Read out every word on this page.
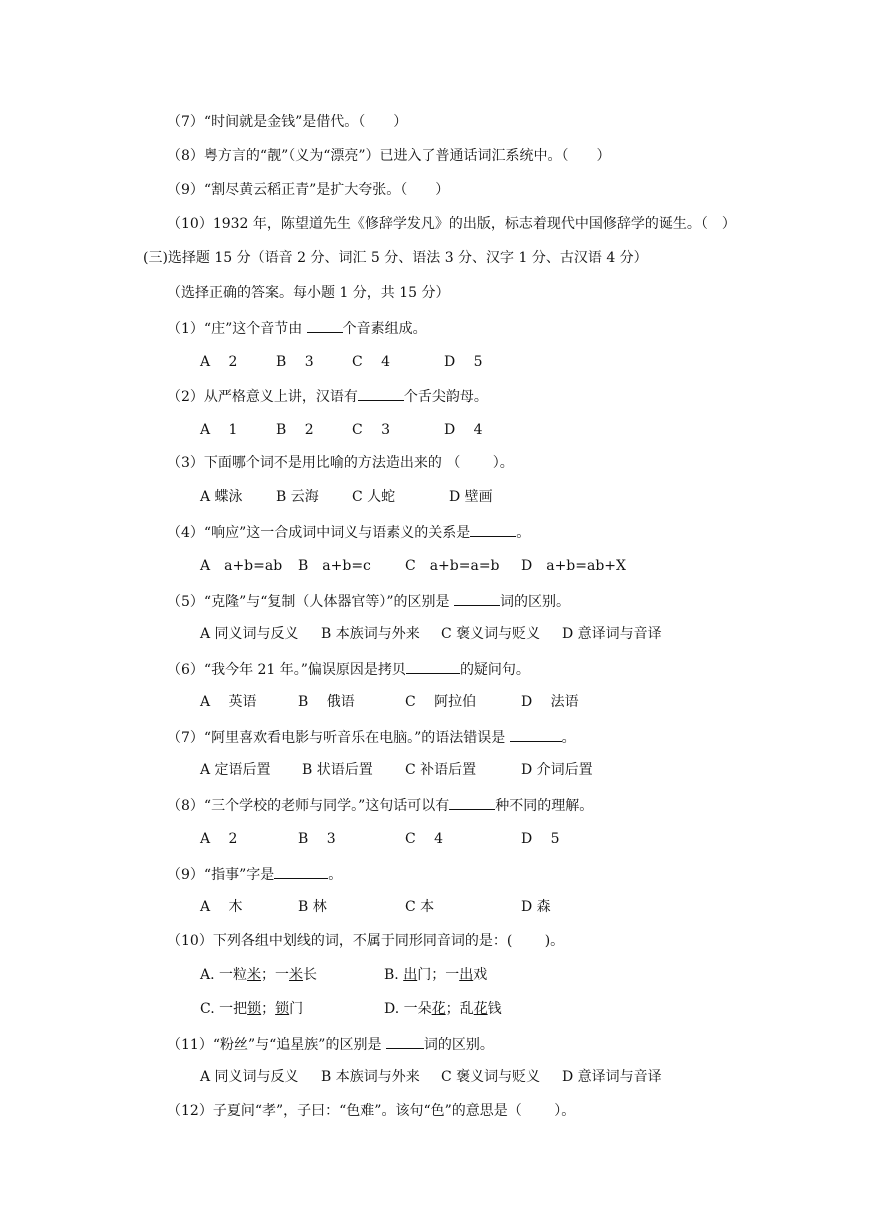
（7）“时间就是金钱”是借代。（　　）
（8）粤方言的“靓”（义为“漂亮”）已进入了普通话词汇系统中。（　　）
（9）“割尽黄云稻正青”是扩大夸张。（　　）
（10）1932 年，陈望道先生《修辞学发凡》的出版，标志着现代中国修辞学的诞生。（　）
(三)选择题 15 分（语音 2 分、词汇 5 分、语法 3 分、汉字 1 分、古汉语 4 分）
（选择正确的答案。每小题 1 分，共 15 分）
（1）“庄”这个音节由	个音素组成。
A　 2	B　 3	C　 4	D　 5
（2）从严格意义上讲，汉语有	个舌尖韵母。
A　 1	B　 2	C　 3	D　 4
（3）下面哪个词不是用比喻的方法造出来的 （　　 ）。
A 蝶泳 B 云海 C 人蛇	D 壁画
（4）“响应”这一合成词中词义与语素义的关系是	。
A　a+b=ab B　a+b=c C　a+b=a=b D　a+b=ab+X
（5）“克隆”与“复制（人体器官等）”的区别是	词的区别。
A 同义词与反义 B 本族词与外来 C 褒义词与贬义 D 意译词与音译
（6）“我今年 21 年。”偏误原因是拷贝	的疑问句。
A　 英语	B　 俄语	C　 阿拉伯	D　 法语
（7）“阿里喜欢看电影与听音乐在电脑。”的语法错误是	。
A 定语后置 B 状语后置 C 补语后置	D 介词后置
（8）“三个学校的老师与同学。”这句话可以有	种不同的理解。
A　 2	B　 3	C　 4	D　 5
（9）“指事”字是	。
A　 木	B 林	C 本	D 森
（10）下列各组中划线的词，不属于同形同音词的是：(　　 )。
A. 一粒米；一米长	B. 出门；一出戏
C. 一把锁；锁门	D. 一朵花；乱花钱
（11）“粉丝”与“追星族”的区别是	词的区别。
A 同义词与反义 B 本族词与外来 C 褒义词与贬义 D 意译词与音译
（12）子夏问“孝”，子曰：“色难”。该句“色”的意思是（　　 ）。
